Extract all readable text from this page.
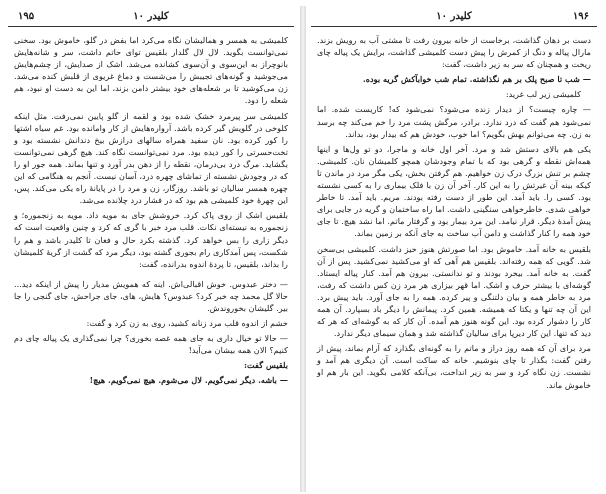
۱۹۵	کلیدر ۱۰

کلمیشی به همسر و همالیشان نگاه می‌کرد اما بفض در گلو، خاموش بود. سخنی نمی‌توانست بگوید. لال لال گلدار بلقیس توای حاتم داشت، سر و شانه‌هایش بانوچراز به این‌سوی و آن‌سوی کشانده می‌شد. اشک از صدایش، از چشم‌هایش می‌جوشید و گونه‌های تجیبش را می‌شست و دماغ غریوی از قلبش کنده می‌شد. زن می‌کوشید تا بر شعله‌های خود بیشتر دامن بزند، اما این به دست او نبود، هم شعله را دود.

کلمیشی سر پیرمرد خشک شده بود و لقمه از گلو پایین نمی‌رفت. مثل اینکه کلوخی در گلویش گیر کرده باشد. آرواره‌هایش از کار وامانده بود. غم سیاه اشتها را کور کرده بود. نان سفید همراه سالهای درازش بیخ دندانش نشسته بود و تخت‌حسرتی را کور دیده بود. مرد نمی‌توانست نگاه کند. هیچ گرهی نمی‌توانست بگشاید. مرگ درد بی‌درمان، نقطه را از دهن بدر آورد و تنها بماند. همه جور او را که در وجودش نشسته از تماشای چهره درد، آسان نیست. آنجم به هنگامی که این چهره همسر سالیان تو باشد. روزگار، زن و مرد را در پایانهٔ راه یکی می‌کند. پس، این چهرهٔ خود کلمیشی هم بود که در فشار درد چلانده می‌شد.

بلقیس اشک از روی پاک کرد. خروشش جای به مویه داد. مویه به زنجموره؛ و زنجموره به نیسته‌ای نکات. قلب مرد خبر با گری که کرد و چنین واقعیت است که دیگر زاری را بس خواهد کرد. گذشته بکرد حال و فغان تا کلیدر باشد و هم را شکست، پس آمدکاری رام بجوری گشته بود، دیگر مرد که گشت از گریهٔ کلمیشان را بداند، بلقیس، تا پردهٔ اندوه بدرانده، گفت:

— دختر عبدوس. خوش اقبالی‌اش. اینه که همویش مدیار را پیش از اینکه دید... حالا گل محمد چه خبر کرد؟ عبدوس؟ هایش، های، جای جراحش، جای گنجی را جا بیر. گلیشان بخوروندش.

خشم از اندوه قلب مرد زنانه کشید، روی به زن کرد و گفت:

— حالا تو خیال داری به جای همه غصه بخوری؟ چرا نمی‌گذاری یک پیاله چای دم کنیم؟ الان همه بیشان می‌آید!

بلقیس گفت:

— باشه. دیگر نمی‌گویم. لال می‌شوم. هیچ نمی‌گویم. هیچ!

کلیدر ۱۰	۱۹۶

دست بر دهان گذاشت، برخاست از خانه بیرون رفت تا مشتی آب به رویش بزند. مارال پیاله و دنگ از کمرش را پیش دست کلمیشی گذاشت، برایش یک پیاله چای ریخت و همچنان که سر به زیر داشت، گفت:

— شب تا صبح پلک بر هم نگذاشته. تمام شب خوابآکش گریه بوده.

کلمیشی زیر لب غرید:

— چاره چیست؟ از دیدار زنده می‌شود؟ نمی‌شود که! کاریست شده. اما نمی‌شود هم گفت که درد ندارد. برادر، مرگش پشت مرد را خم می‌کند چه برسد به زن. چه می‌توانم بهش بگویم؟ اما خوب، خودش هم که بیدار بود، بداند.

یکی هم بالای دستش شد و مرد. آخر اول خانه و ماجرا، دو تو ول‌ها و اینها همه‌اش نقطه و گرهی بود که با تمام وجودشان همچو کلمیشان نان. کلمیشی. چشم بر تنش بزرگ درک زن خواهیم. هم گرفتن بخش، یکی مگر مرد در ماندن تا کیکه بینه آن غیرتش را به این کار. آخر آن زن با فلک بیماری را به کسی نشسته بود. کسی را. باید آمد. این طور از دست رفته بودند. مریم. باید آمد. تا خاطر خواهی شدی. خاطرخواهی سنگینی داشت. اما راه ساختمان و گریه در جایی برای پیش آمدهٔ دیگر. قرار نیامد. این مرد بیمار بود و گرفتار ماتم. اما نشد هیچ. تا جای خود همه را کنار گذاشت و دامن آب ساخت به جای آنکه بر زمین بماند.

بلقیس به خانه آمد. خاموش بود. اما صورتش هنوز خیز داشت. کلمیشی بی‌سخن شد. گویی که همه رفته‌اند. بلقیس هم آهی که او می‌کشید نمی‌کشید. پس از آن گفت. به خانه آمد. بیخرد بودند و تو ندانستی. بیرون هم آمد. کنار پیاله ایستاد. گوشه‌ای با بیشتر حرف و اشک. اما قهر بیزاری هر مرد زن کس داشت که رفت، مرد به خاطر همه و بیان دلتنگی و پیر کرده. همه را به جای آورد. باید پیش برد. این آن چه تنها و یکتا که همیشه. همین کرد. پیمانش را دیگر باد بسپارد. آن همه کار را دشوار کرده بود. این گونه هنوز هم آمده. آن کار که به گوشه‌ای که هر که دید که تنها. این کار دیرپا برای سالیان گذاشته شد و همان سیمای دیگر ندارد.

مرد برای آن که همه روز دراز و ماتم را به گونه‌ای بگذارد که آرام بماند، پیش از رفتن گفت: بگذار تا چای بنوشیم. خانه که ساکت است. آن دیگری هم آمد و نشست. زن نگاه کرد و سر به زیر انداخت، بی‌آنکه کلامی بگوید. این بار هم او خاموش ماند.
